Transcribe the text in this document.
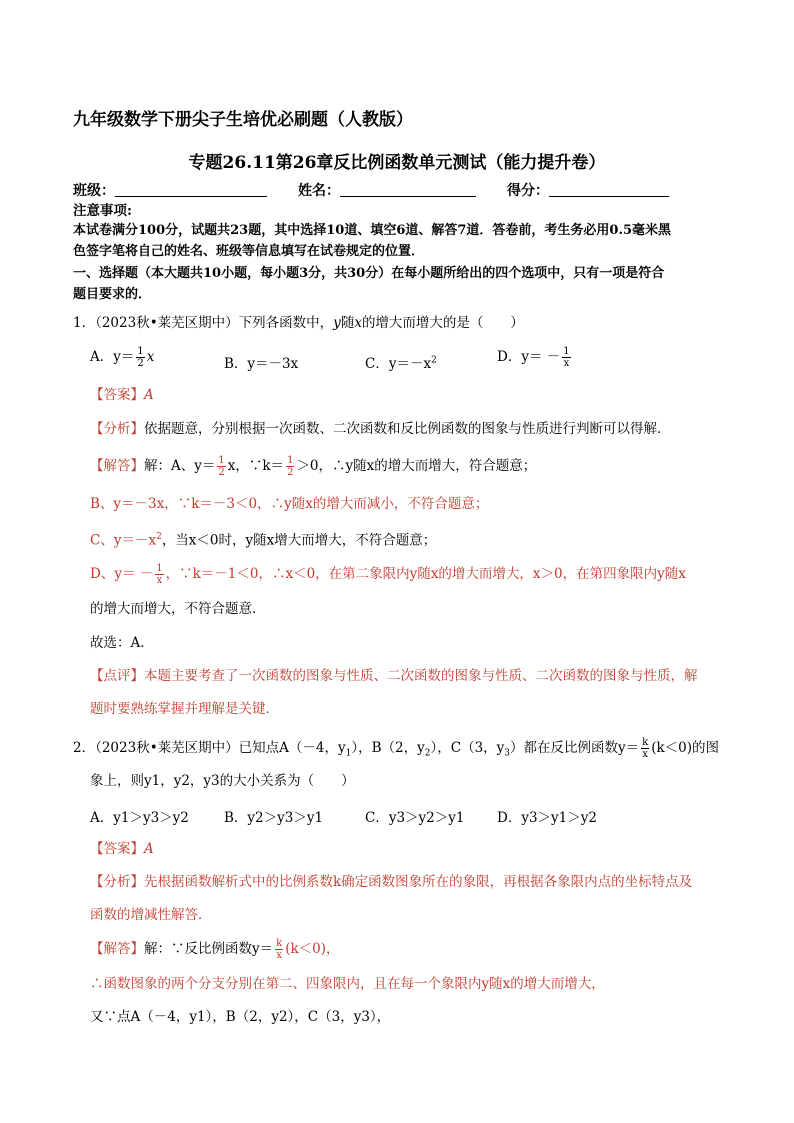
九年级数学下册尖子生培优必刷题（人教版）
专题26.11第26章反比例函数单元测试（能力提升卷）
班级：	姓名：	得分：
注意事项:
本试卷满分100分，试题共23题，其中选择10道、填空6道、解答7道．答卷前，考生务必用0.5毫米黑
色签字笔将自己的姓名、班级等信息填写在试卷规定的位置．
一、选择题（本大题共10小题，每小题3分，共30分）在每小题所给出的四个选项中，只有一项是符合
题目要求的．
1．（2023秋•莱芜区期中）下列各函数中，y随x的增大而增大的是（　　）
A．$y= \frac{1}{2}$ x	B．y＝－3x	C．$y=-x^2$	D．$y= - \frac{1}{x}$
【答案】A
【分析】依据题意，分别根据一次函数、二次函数和反比例函数的图象与性质进行判断可以得解．
【解答】解：A、$y= \frac{1}{2}$ x，∵k＝ $\frac{1}{2} >0$，∴y随x的增大而增大，符合题意；
B、y＝－3x，∵k＝－3＜0，∴y随x的增大而减小，不符合题意；
C、$y=-x^2$，当x＜0时，y随x增大而增大，不符合题意；
D、$y= - \frac{1}{x}$ ，∵k＝－1＜0，∴x＜0，在第二象限内y随x的增大而增大，x＞0，在第四象限内y随x
的增大而增大，不符合题意．
故选：A．
【点评】本题主要考查了一次函数的图象与性质、二次函数的图象与性质、二次函数的图象与性质，解
题时要熟练掌握并理解是关键．
2．（2023秋•莱芜区期中）已知点A（－4，$y_1$），B（2，$y_2$），C（3，$y_3$）都在反比例函数$y= \frac{k}{x} (k<0)$的图
象上，则y1，y2，y3的大小关系为（　　）
A．y1＞y3＞y2	B．y2＞y3＞y1	C．y3＞y2＞y1 D．y3＞y1＞y2
【答案】A
【分析】先根据函数解析式中的比例系数k确定函数图象所在的象限，再根据各象限内点的坐标特点及
函数的增减性解答．
【解答】解：∵反比例函数$y= \frac{k}{x} (k<0)$，
∴函数图象的两个分支分别在第二、四象限内，且在每一个象限内y随x的增大而增大，
又∵点A（－4，y1），B（2，y2），C（3，y3），
